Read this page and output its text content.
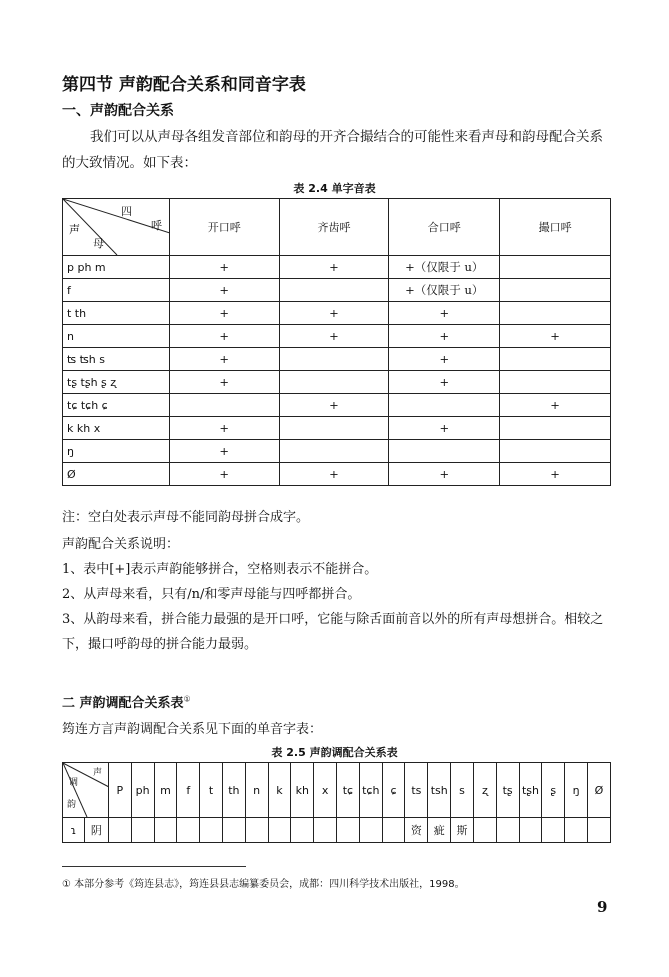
第四节 声韵配合关系和同音字表
一、声韵配合关系
我们可以从声母各组发音部位和韵母的开齐合撮结合的可能性来看声母和韵母配合关系的大致情况。如下表：
表 2.4 单字音表
四
呼
声
母	开口呼	齐齿呼	合口呼	撮口呼
p ph m	+	+	+（仅限于 u）	
f	+		+（仅限于 u）	
t th	+	+	+	
n	+	+	+	+
ʦ ʦh s	+		+	
tʂ tʂh ʂ ʐ	+		+	
tɕ tɕh ɕ		+		+
k kh x	+		+	
ŋ	+			
Ø	+	+	+	+
注：空白处表示声母不能同韵母拼合成字。
声韵配合关系说明：
1、表中[+]表示声韵能够拼合，空格则表示不能拼合。
2、从声母来看，只有/n/和零声母能与四呼都拼合。
3、从韵母来看，拼合能力最强的是开口呼，它能与除舌面前音以外的所有声母想拼合。相较之下，撮口呼韵母的拼合能力最弱。
二 声韵调配合关系表①
筠连方言声韵调配合关系见下面的单音字表：
表 2.5 声韵调配合关系表
声
调
韵		P	ph	m	f	t	th	n	k	kh	x	tɕ	tɕh	ɕ	ts	tsh	s	ʐ	tʂ	tʂh	ʂ	ŋ	Ø
ɿ	阴														资	疵	斯						
① 本部分参考《筠连县志》，筠连县县志编纂委员会，成都：四川科学技术出版社，1998。
9
